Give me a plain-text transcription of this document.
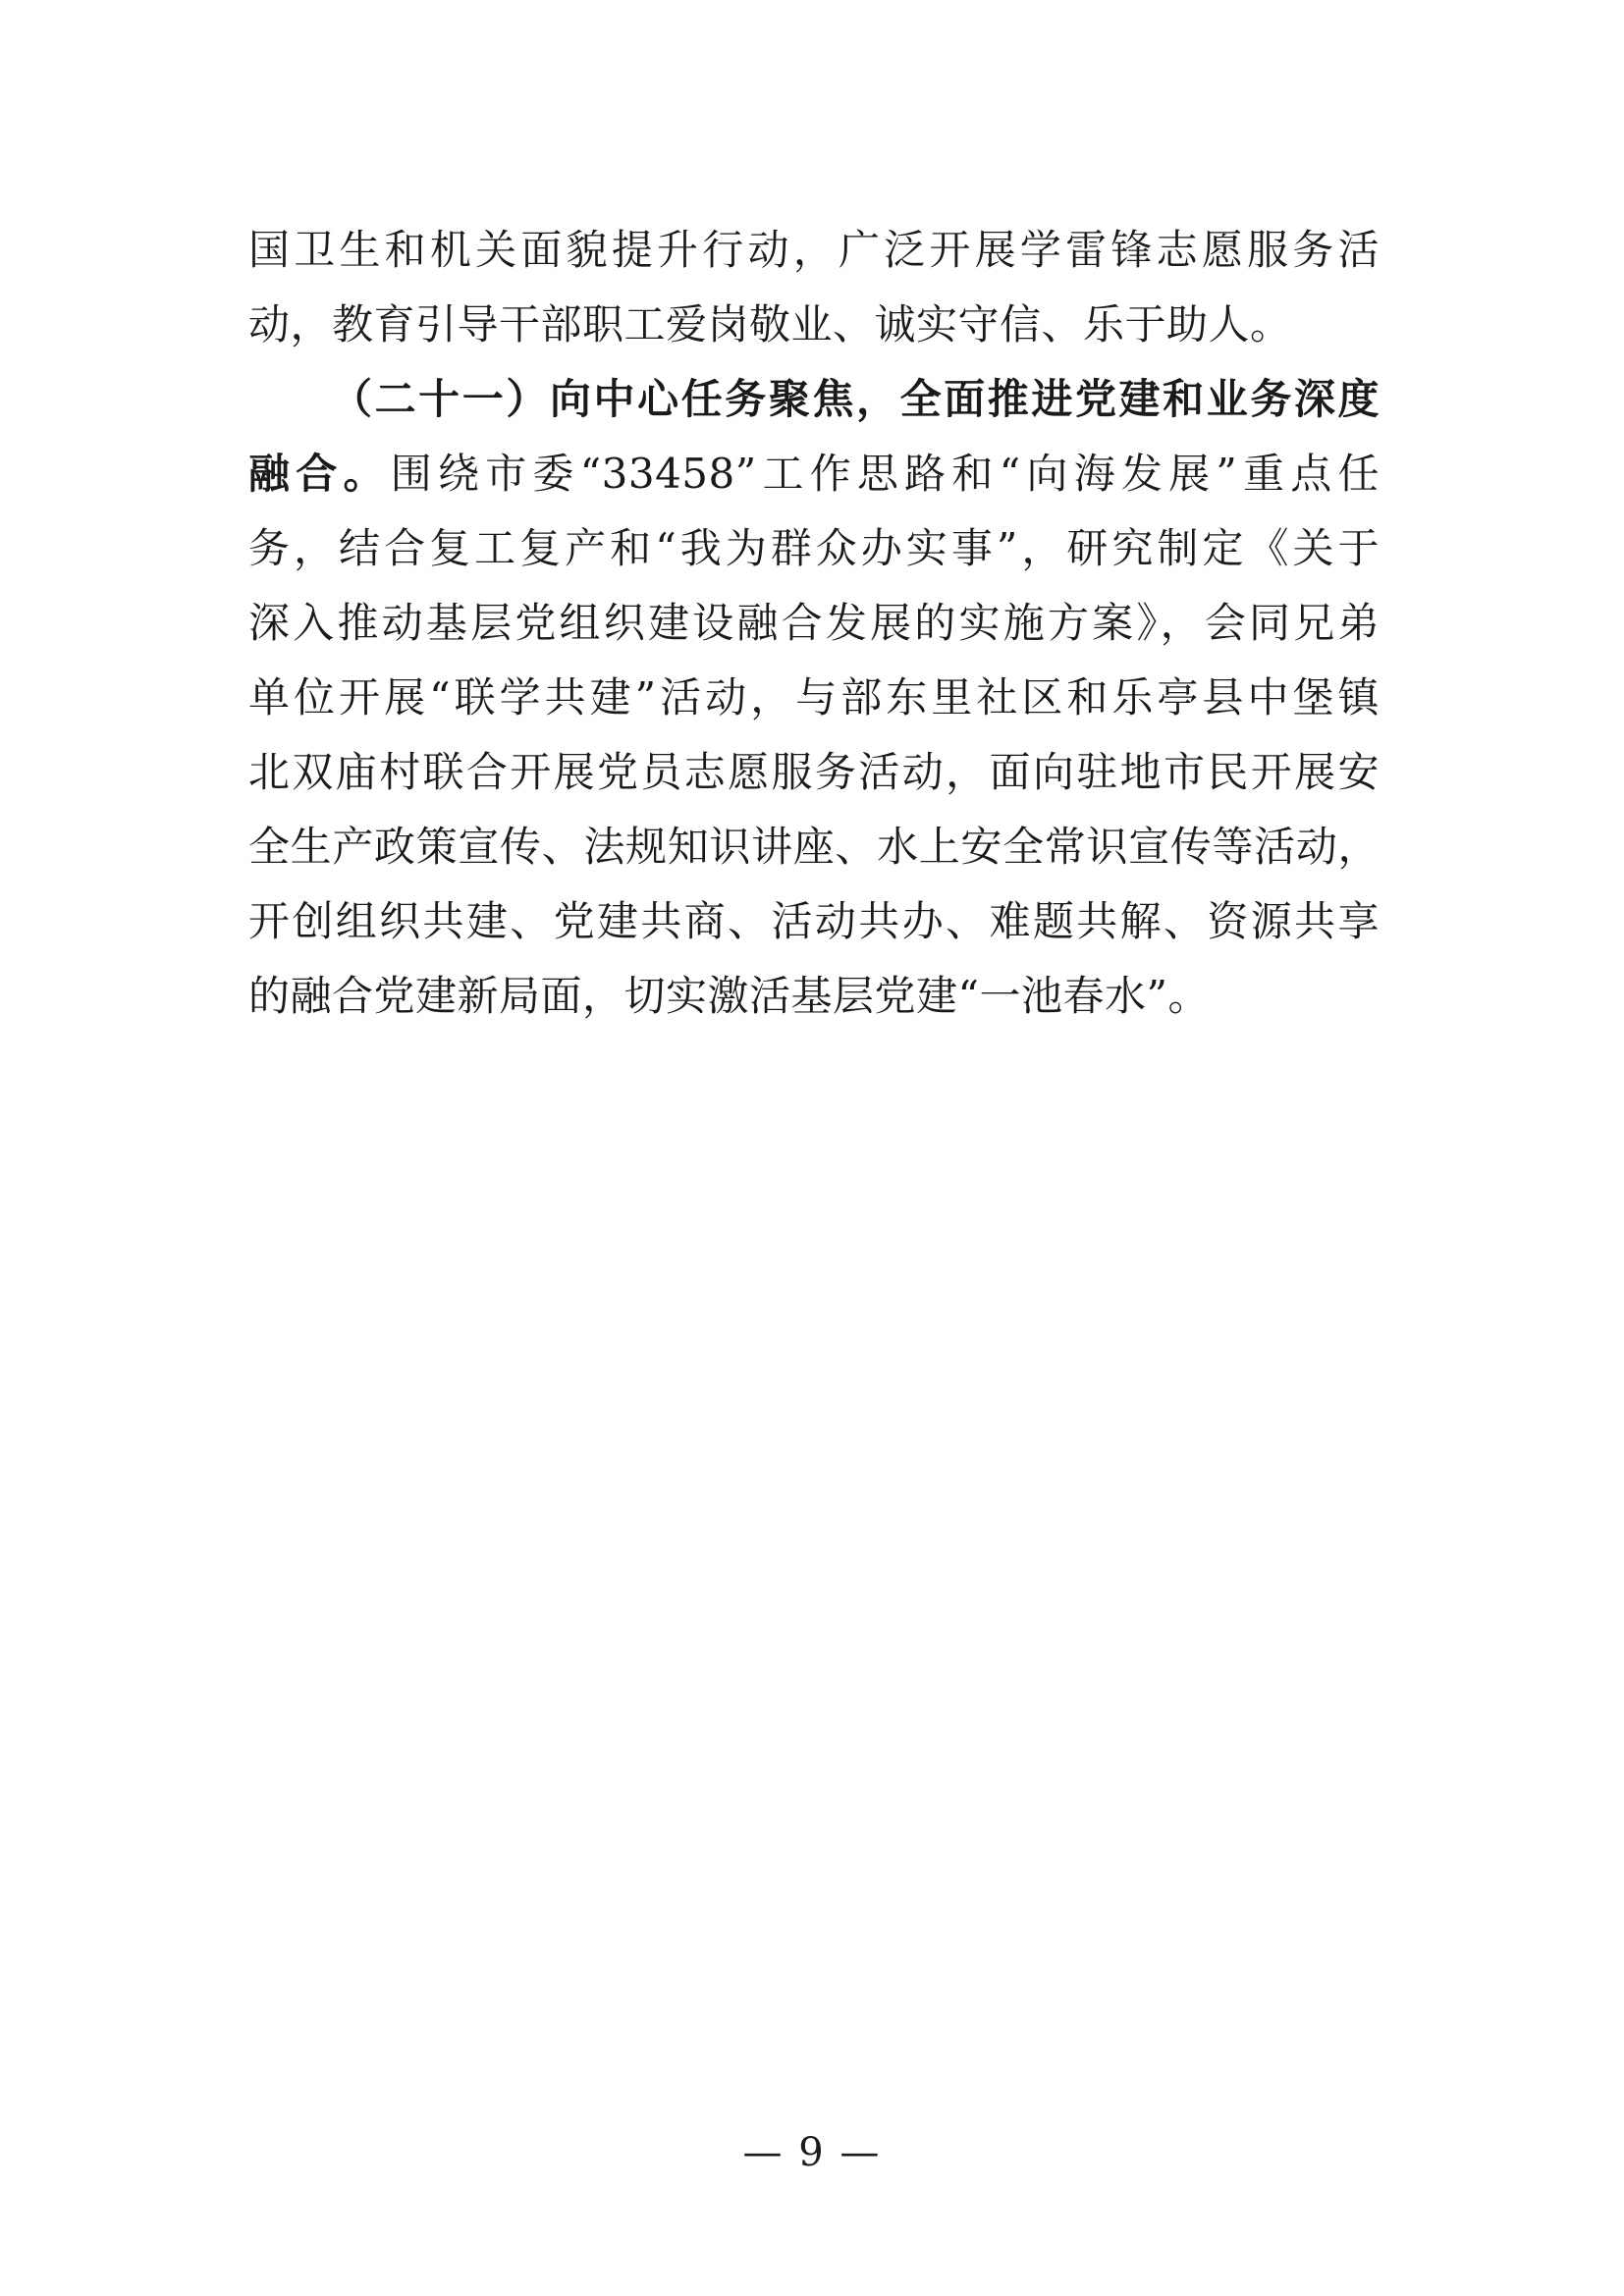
国卫生和机关面貌提升行动，广泛开展学雷锋志愿服务活
动，教育引导干部职工爱岗敬业、诚实守信、乐于助人。
（二十一）向中心任务聚焦，全面推进党建和业务深度
融合。围绕市委“33458”工作思路和“向海发展”重点任
务，结合复工复产和“我为群众办实事”，研究制定《关于
深入推动基层党组织建设融合发展的实施方案》，会同兄弟
单位开展“联学共建”活动，与部东里社区和乐亭县中堡镇
北双庙村联合开展党员志愿服务活动，面向驻地市民开展安
全生产政策宣传、法规知识讲座、水上安全常识宣传等活动，
开创组织共建、党建共商、活动共办、难题共解、资源共享
的融合党建新局面，切实激活基层党建“一池春水”。
— 9 —
